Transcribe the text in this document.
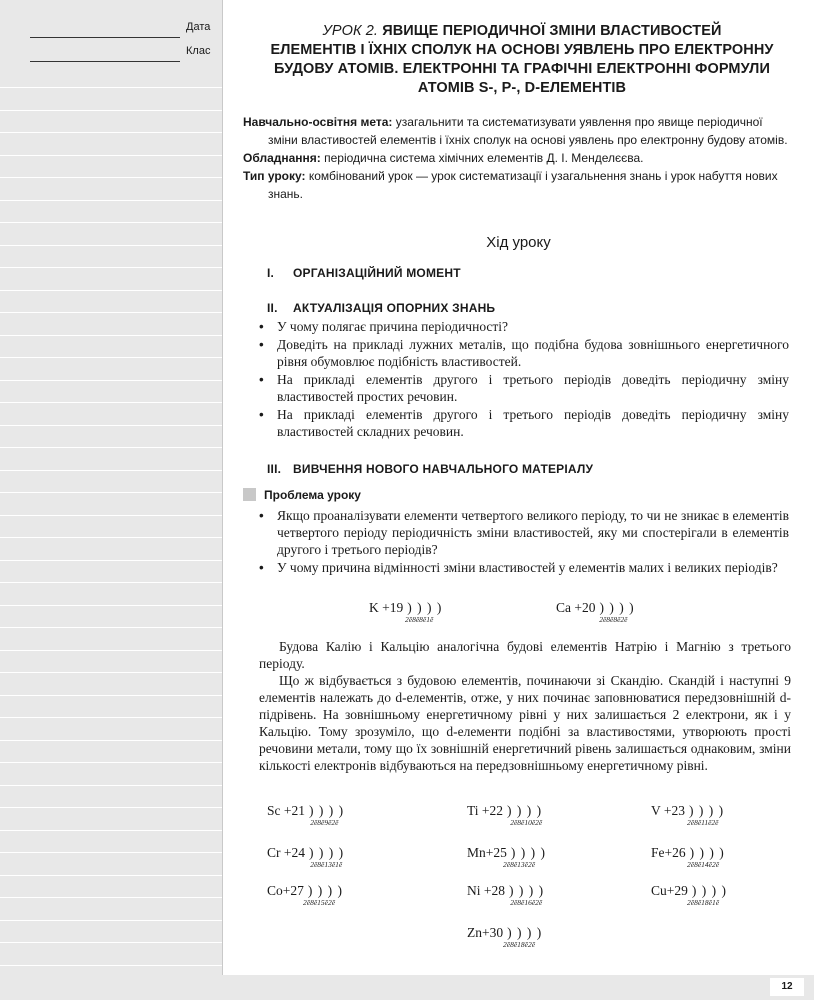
Дата
Клас
УРОК 2. ЯВИЩЕ ПЕРІОДИЧНОЇ ЗМІНИ ВЛАСТИВОСТЕЙ
ЕЛЕМЕНТІВ І ЇХНІХ СПОЛУК НА ОСНОВІ УЯВЛЕНЬ ПРО ЕЛЕКТРОННУ
БУДОВУ АТОМІВ. ЕЛЕКТРОННІ ТА ГРАФІЧНІ ЕЛЕКТРОННІ ФОРМУЛИ
АТОМІВ S-, P-, D-ЕЛЕМЕНТІВ

Навчально-освітня мета: узагальнити та систематизувати уявлення про явище періодичної зміни властивостей елементів і їхніх сполук на основі уявлень про електронну будову атомів.

Обладнання: періодична система хімічних елементів Д. І. Менделєєва.

Тип уроку: комбінований урок — урок систематизації і узагальнення знань і урок набуття нових знань.

Хід уроку
I. ОРГАНІЗАЦІЙНИЙ МОМЕНТ
II. АКТУАЛІЗАЦІЯ ОПОРНИХ ЗНАНЬ
• У чому полягає причина періодичності?
• Доведіть на прикладі лужних металів, що подібна будова зовнішнього енергетичного рівня обумовлює подібність властивостей.
• На прикладі елементів другого і третього періодів доведіть періодичну зміну властивостей простих речовин.
• На прикладі елементів другого і третього періодів доведіть періодичну зміну властивостей складних речовин.
III. ВИВЧЕННЯ НОВОГО НАВЧАЛЬНОГО МАТЕРІАЛУ
Проблема уроку
• Якщо проаналізувати елементи четвертого великого періоду, то чи не зникає в елементів четвертого періоду періодичність зміни властивостей, яку ми спостерігали в елементів другого і третього періодів?
• У чому причина відмінності зміни властивостей у елементів малих і великих періодів?
K +19 ) ) ) )
2ē8ē8ē1ē
Ca +20 ) ) ) )
2ē8ē8ē2ē
Sc +21 ) ) ) )
2ē8ē9ē2ē
Ti +22 ) ) ) )
2ē8ē10ē2ē
V +23 ) ) ) )
2ē8ē11ē2ē
Cr +24 ) ) ) )
2ē8ē13ē1ē
Mn+25 ) ) ) )
2ē8ē13ē2ē
Fe+26 ) ) ) )
2ē8ē14ē2ē
Co+27 ) ) ) )
2ē8ē15ē2ē
Ni +28 ) ) ) )
2ē8ē16ē2ē
Cu+29 ) ) ) )
2ē8ē18ē1ē
Zn+30 ) ) ) )
2ē8ē18ē2ē

Будова Калію і Кальцію аналогічна будові елементів Натрію і Магнію з третього періоду.

Що ж відбувається з будовою елементів, починаючи зі Скандію. Скандій і наступні 9 елементів належать до d-елементів, отже, у них починає заповнюватися передзовнішній d-підрівень. На зовнішньому енергетичному рівні у них залишається 2 електрони, як і у Кальцію. Тому зрозуміло, що d-елементи подібні за властивостями, утворюють прості речовини метали, тому що їх зовнішній енергетичний рівень залишається однаковим, зміни кількості електронів відбуваються на передзовнішньому енергетичному рівні.

12
